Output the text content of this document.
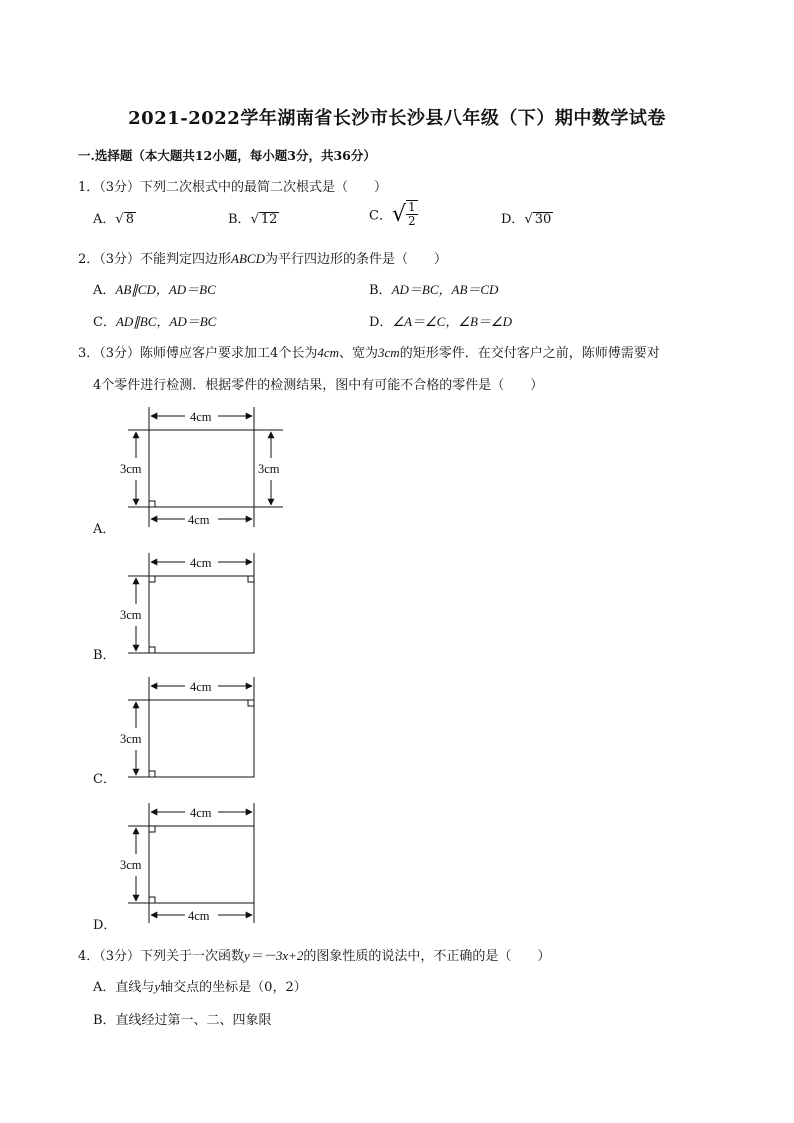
2021-2022学年湖南省长沙市长沙县八年级（下）期中数学试卷
一.选择题（本大题共12小题，每小题3分，共36分）
1．（3分）下列二次根式中的最简二次根式是（　　）
A．√ 8	B．√ 12	C．√ $\frac{1}{2}$	D．√ 30
2．（3分）不能判定四边形ABCD为平行四边形的条件是（　　）
A．AB∥CD，AD＝BC	B．AD＝BC，AB＝CD
C．AD∥BC，AD＝BC	D．∠A＝∠C，∠B＝∠D
3．（3分）陈师傅应客户要求加工4个长为4cm、宽为3cm的矩形零件．在交付客户之前，陈师傅需要对
4个零件进行检测．根据零件的检测结果，图中有可能不合格的零件是（　　）
4cm
4cm
3cm	3cm
4cm
3cm
4cm
3cm
4cm
4cm
3cm
A．
B．
C．
D．
4．（3分）下列关于一次函数y＝－3x+2的图象性质的说法中，不正确的是（　　）
A．直线与y轴交点的坐标是（0，2）
B．直线经过第一、二、四象限
